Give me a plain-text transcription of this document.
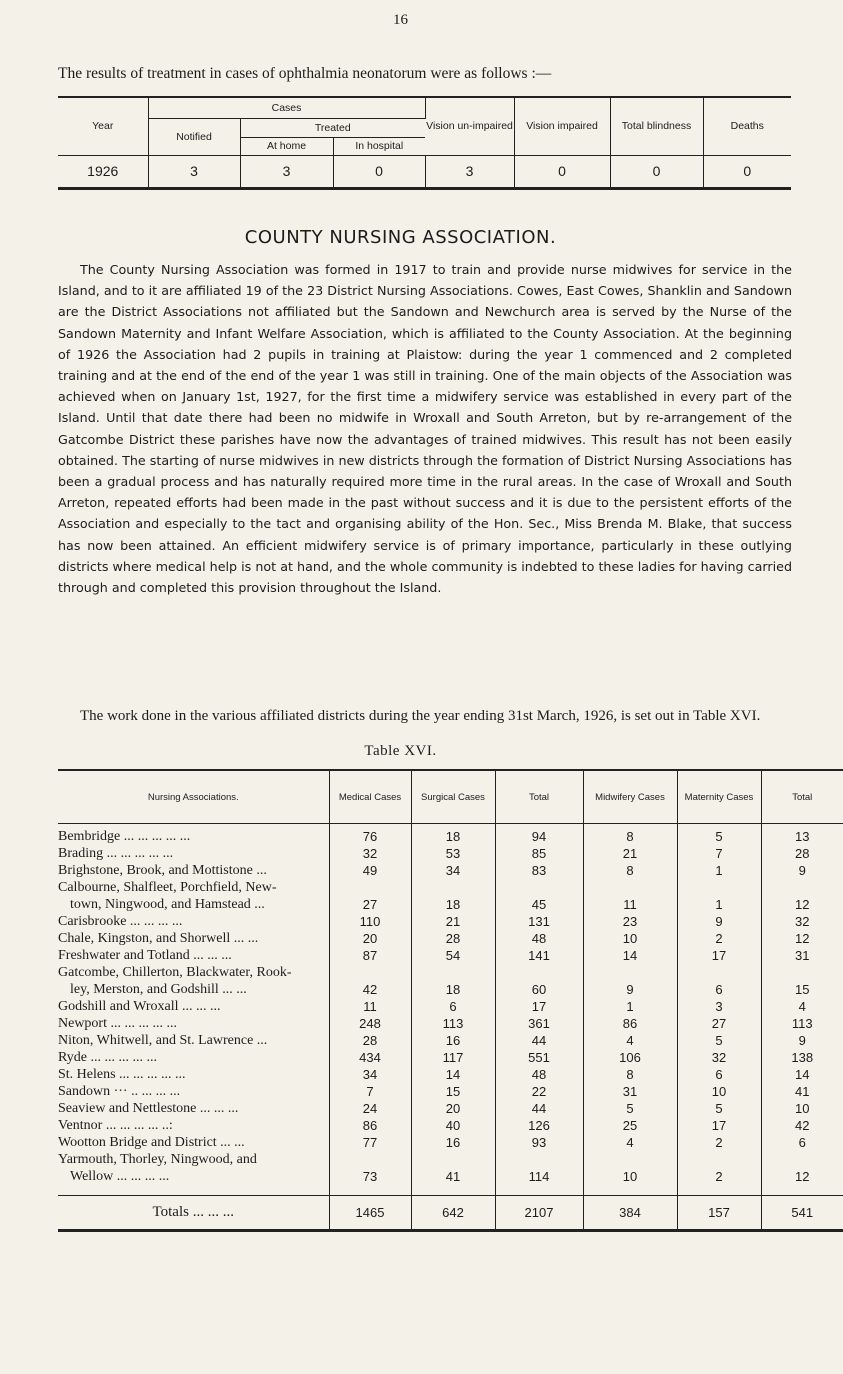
16
The results of treatment in cases of ophthalmia neonatorum were as follows :—
Year	Cases			Vision un-impaired	Vision impaired	Total blindness	Deaths
	Notified	Treated					
		At home	In hospital				
1926	3	3	0	3	0	0	0
COUNTY NURSING ASSOCIATION.

The County Nursing Association was formed in 1917 to train and provide nurse midwives for service in the Island, and to it are affiliated 19 of the 23 District Nursing Associations. Cowes, East Cowes, Shanklin and Sandown are the District Associations not affiliated but the Sandown and Newchurch area is served by the Nurse of the Sandown Maternity and Infant Welfare Association, which is affiliated to the County Association. At the beginning of 1926 the Association had 2 pupils in training at Plaistow: during the year 1 commenced and 2 completed training and at the end of the end of the year 1 was still in training. One of the main objects of the Association was achieved when on January 1st, 1927, for the first time a midwifery service was established in every part of the Island. Until that date there had been no midwife in Wroxall and South Arreton, but by re-arrangement of the Gatcombe District these parishes have now the advantages of trained midwives. This result has not been easily obtained. The starting of nurse midwives in new districts through the formation of District Nursing Associations has been a gradual process and has naturally required more time in the rural areas. In the case of Wroxall and South Arreton, repeated efforts had been made in the past without success and it is due to the persistent efforts of the Association and especially to the tact and organising ability of the Hon. Sec., Miss Brenda M. Blake, that success has now been attained. An efficient midwifery service is of primary importance, particularly in these outlying districts where medical help is not at hand, and the whole community is indebted to these ladies for having carried through and completed this provision throughout the Island.

The work done in the various affiliated districts during the year ending 31st March, 1926, is set out in Table XVI.

Table XVI.
Nursing Associations.	Medical Cases	Surgical Cases	Total	Midwifery Cases	Maternity Cases	Total

Bembridge ... ... ... ... ...	76	18	94	8	5	13

Brading ... ... ... ... ...	32	53	85	21	7	28

Brighstone, Brook, and Mottistone ...	49	34	83	8	1	9

Calbourne, Shalfleet, Porchfield, New-
town, Ningwood, and Hamstead ...	27	18	45	11	1	12

Carisbrooke ... ... ... ...	110	21	131	23	9	32

Chale, Kingston, and Shorwell ... ...	20	28	48	10	2	12

Freshwater and Totland ... ... ...	87	54	141	14	17	31

Gatcombe, Chillerton, Blackwater, Rook-
ley, Merston, and Godshill ... ...	42	18	60	9	6	15

Godshill and Wroxall ... ... ...	11	6	17	1	3	4

Newport ... ... ... ... ...	248	113	361	86	27	113

Niton, Whitwell, and St. Lawrence ...	28	16	44	4	5	9

Ryde ... ... ... ... ...	434	117	551	106	32	138

St. Helens ... ... ... ... ...	34	14	48	8	6	14

Sandown ··· .. ... ... ...	7	15	22	31	10	41

Seaview and Nettlestone ... ... ...	24	20	44	5	5	10

Ventnor ... ... ... ... ..:	86	40	126	25	17	42

Wootton Bridge and District ... ...	77	16	93	4	2	6

Yarmouth, Thorley, Ningwood, and
Wellow ... ... ... ...	73	41	114	10	2	12

Totals ... ... ...	1465	642	2107	384	157	541
